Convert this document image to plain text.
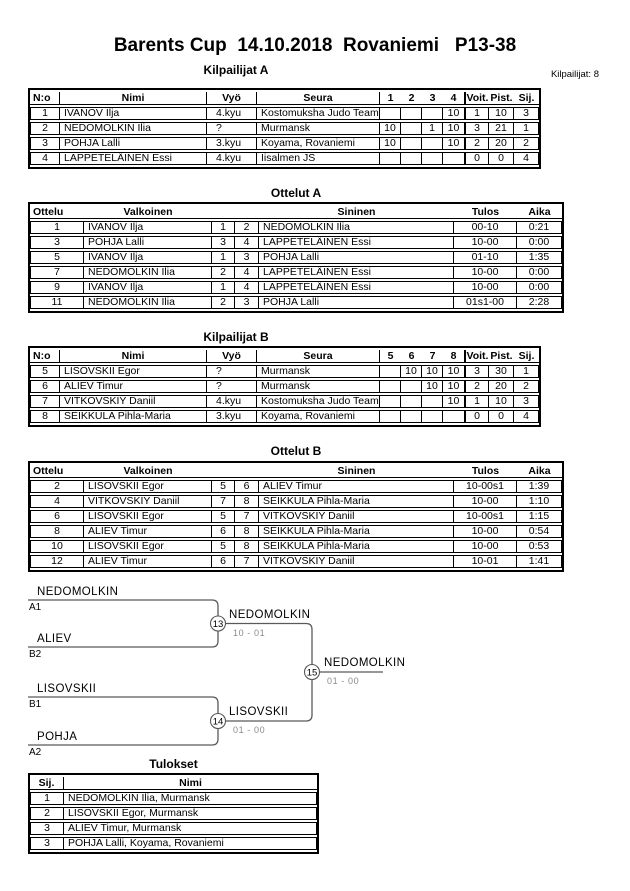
Barents Cup  14.10.2018  Rovaniemi   P13-38
Kilpailijat A	Kilpailijat: 8
N:o	Nimi	Vyö	Seura	1	2	3	4	Voit.	Pist.	Sij.
1	IVANOV Ilja	4.kyu	Kostomuksha Judo Team				10	1	10	3
2	NEDOMOLKIN Ilia	?	Murmansk	10		1	10	3	21	1
3	POHJA Lalli	3.kyu	Koyama, Rovaniemi	10			10	2	20	2
4	LAPPETELÄINEN Essi	4.kyu	Iisalmen JS					0	0	4
Ottelut A
Ottelu	Valkoinen			Sininen	Tulos	Aika
1	IVANOV Ilja	1	2	NEDOMOLKIN Ilia	00-10	0:21
3	POHJA Lalli	3	4	LAPPETELÄINEN Essi	10-00	0:00
5	IVANOV Ilja	1	3	POHJA Lalli	01-10	1:35
7	NEDOMOLKIN Ilia	2	4	LAPPETELÄINEN Essi	10-00	0:00
9	IVANOV Ilja	1	4	LAPPETELÄINEN Essi	10-00	0:00
11	NEDOMOLKIN Ilia	2	3	POHJA Lalli	01s1-00	2:28
Kilpailijat B
N:o	Nimi	Vyö	Seura	5	6	7	8	Voit.	Pist.	Sij.
5	LISOVSKII Egor	?	Murmansk		10	10	10	3	30	1
6	ALIEV Timur	?	Murmansk			10	10	2	20	2
7	VITKOVSKIY Daniil	4.kyu	Kostomuksha Judo Team				10	1	10	3
8	SEIKKULA Pihla-Maria	3.kyu	Koyama, Rovaniemi					0	0	4
Ottelut B
Ottelu	Valkoinen			Sininen	Tulos	Aika
2	LISOVSKII Egor	5	6	ALIEV Timur	10-00s1	1:39
4	VITKOVSKIY Daniil	7	8	SEIKKULA Pihla-Maria	10-00	1:10
6	LISOVSKII Egor	5	7	VITKOVSKIY Daniil	10-00s1	1:15
8	ALIEV Timur	6	8	SEIKKULA Pihla-Maria	10-00	0:54
10	LISOVSKII Egor	5	8	SEIKKULA Pihla-Maria	10-00	0:53
12	ALIEV Timur	6	7	VITKOVSKIY Daniil	10-01	1:41
13
14
15
NEDOMOLKIN
A1
ALIEV
B2
NEDOMOLKIN
10 - 01
LISOVSKII
B1
POHJA
A2
LISOVSKII
01 - 00
NEDOMOLKIN
01 - 00
Tulokset
Sij.	Nimi
1	NEDOMOLKIN Ilia, Murmansk
2	LISOVSKII Egor, Murmansk
3	ALIEV Timur, Murmansk
3	POHJA Lalli, Koyama, Rovaniemi
